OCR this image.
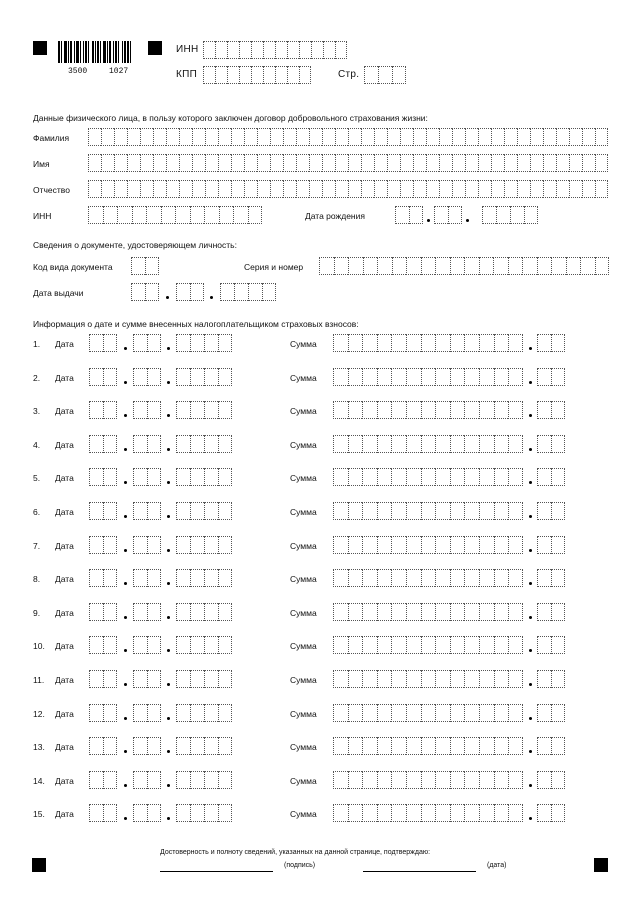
3500	1027
ИНН
КПП	Стр.
Данные физического лица, в пользу которого заключен договор добровольного страхования жизни:
Фамилия
Имя
Отчество
ИНН	Дата рождения
Сведения о документе, удостоверяющем личность:
Код вида документа	Серия и номер
Дата выдачи
Информация о дате и сумме внесенных налогоплательщиком страховых взносов:
1. Дата	Сумма
2. Дата	Сумма
3. Дата	Сумма
4. Дата	Сумма
5. Дата	Сумма
6. Дата	Сумма
7. Дата	Сумма
8. Дата	Сумма
9. Дата	Сумма
10. Дата	Сумма
11. Дата	Сумма
12. Дата	Сумма
13. Дата	Сумма
14. Дата	Сумма
15. Дата	Сумма
Достоверность и полноту сведений, указанных на данной странице, подтверждаю:
(подпись)	(дата)
